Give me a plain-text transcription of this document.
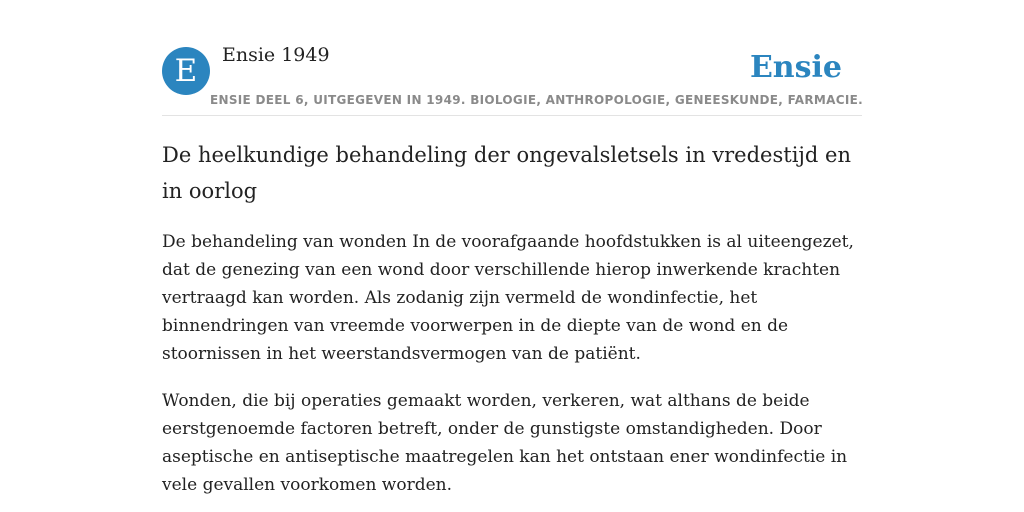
E	Ensie 1949	Ensie
ENSIE DEEL 6, UITGEGEVEN IN 1949. BIOLOGIE, ANTHROPOLOGIE, GENEESKUNDE, FARMACIE.
De heelkundige behandeling der ongevalsletsels in vredestijd en in oorlog

De behandeling van wonden In de voorafgaande hoofdstukken is al uiteengezet, dat de genezing van een wond door verschillende hierop inwerkende krachten vertraagd kan worden. Als zodanig zijn vermeld de wondinfectie, het binnendringen van vreemde voorwerpen in de diepte van de wond en de stoornissen in het weerstandsvermogen van de patiënt.

Wonden, die bij operaties gemaakt worden, verkeren, wat althans de beide eerstgenoemde factoren betreft, onder de gunstigste omstandigheden. Door aseptische en antiseptische maatregelen kan het ontstaan ener wondinfectie in vele gevallen voorkomen worden.
